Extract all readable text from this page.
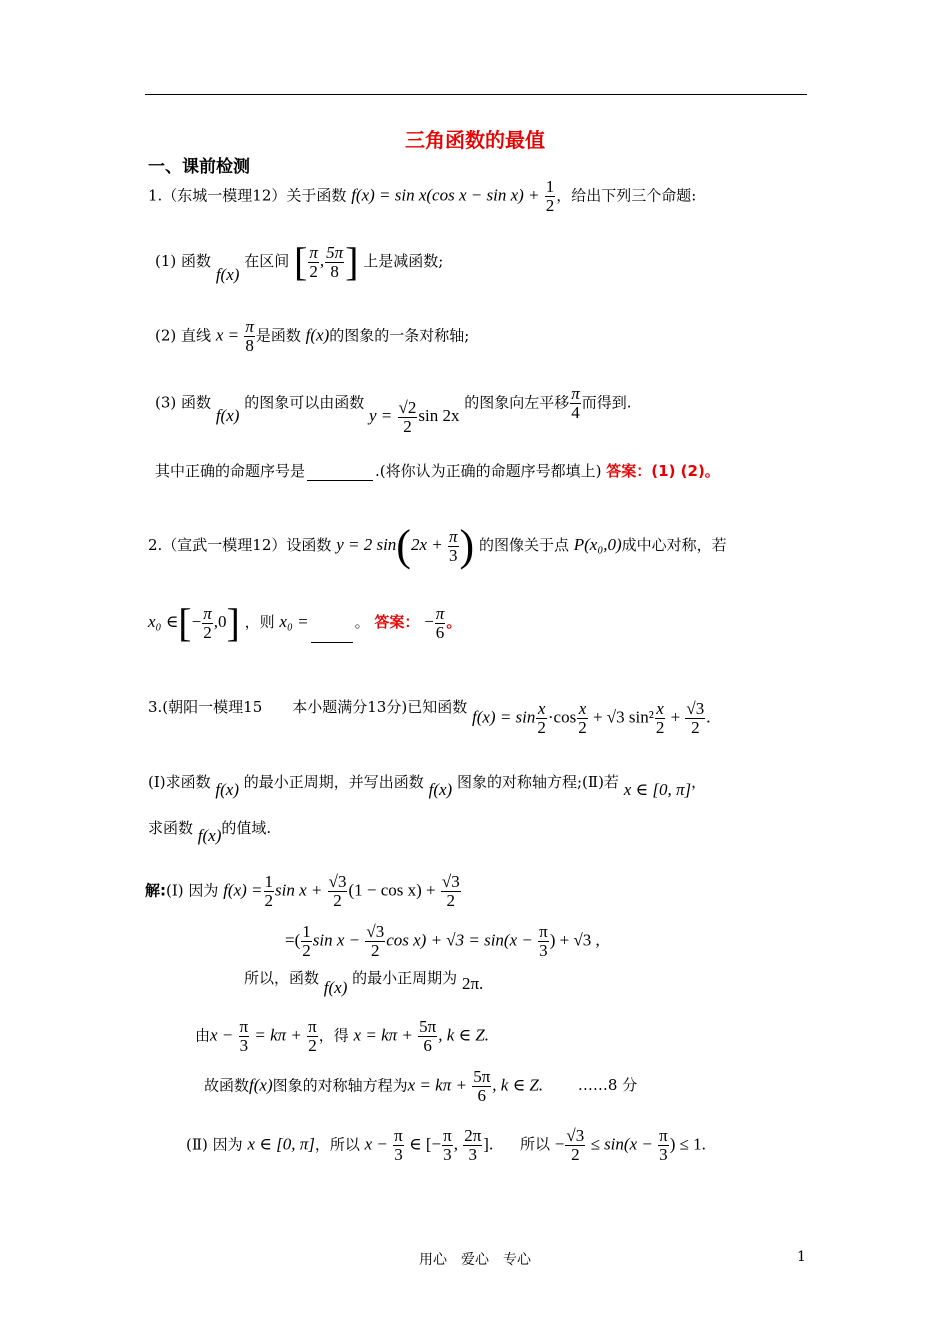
三角函数的最值
一、课前检测
1.（东城一模理12）关于函数 f(x) = sin x(cos $x - \sin x) + \frac{1}{2}$ ，给出下列三个命题:
(1) 函数 f(x) 在区间 [ $\frac{\pi}{2}$ , $\frac{5\pi}{8}$ ] 上是减函数;
(2) 直线 $x = \frac{\pi}{8}$ 是函数 f(x)的图象的一条对称轴;
(3) 函数 f(x) 的图象可以由函数 $y = \frac{√2}{2}$ sin 2x 的图象向左平移 $\frac{\pi}{4}$ 而得到.
其中正确的命题序号是	.(将你认为正确的命题序号都填上) 答案：(1) (2)。
2.（宣武一模理12）设函数 y = 2 $\sin(2x + \frac{\pi}{3}$ ) 的图像关于点 P(x₀,0)成中心对称，若
x₀ ∈[− $\frac{\pi}{2} ,0$] ，则 x₀ =	。 答案： − $\frac{\pi}{6}$ 。
3.(朝阳一模理15　　本小题满分13分)已知函数 $f(x) = \sin \frac{x}{2} \cdot\cos \frac{x}{2} + √3$ $\sin^2 \frac{x}{2} + \frac{√3}{2}$ .
(Ⅰ)求函数 f(x) 的最小正周期，并写出函数 f(x) 图象的对称轴方程;(Ⅱ)若 x ∈ [0, π]，
求函数 f(x)的值域.
解:(Ⅰ) 因为 $f(x) = \frac{1}{2}$ $\sin x + \frac{√3}{2} (1 - \cos x) + \frac{√3}{2}$
=( $\frac{1}{2}$ $\sin x - \frac{√3}{2}$ $\cos x) + √3 = \sin(x - \frac{\pi}{3}$ ) + √3 ,
所以，函数 f(x) 的最小正周期为 2π.
由$x - \frac{\pi}{3} = k\pi + \frac{\pi}{2}$ ，得 $x = k\pi + \frac{5\pi}{6}$ , k ∈ Z.
故函数f(x)图象的对称轴方程为$x = k\pi + \frac{5\pi}{6}$ , k ∈ Z. ……8 分
(Ⅱ) 因为 x ∈ [0, π]，所以 $x - \frac{\pi}{3}$ ∈ [− $\frac{\pi}{3}$ , $\frac{2\pi}{3}$ ]. 所以 − $\frac{√3}{2} \le \sin(x - \frac{\pi}{3}$ ) ≤ 1.
用心　爱心　专心	1
